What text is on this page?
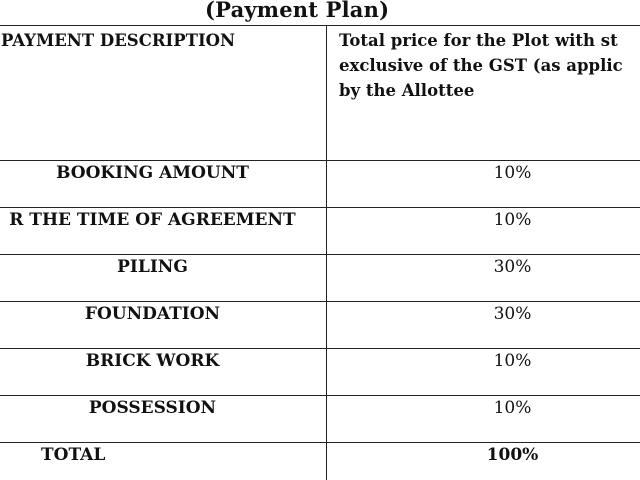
(Payment Plan)
PAYMENT DESCRIPTION	Total price for the Plot with st
exclusive of the GST (as applic
by the Allottee

BOOKING AMOUNT	10%
R THE TIME OF AGREEMENT	10%
PILING	30%
FOUNDATION	30%
BRICK WORK	10%
POSSESSION	10%
TOTAL	100%
